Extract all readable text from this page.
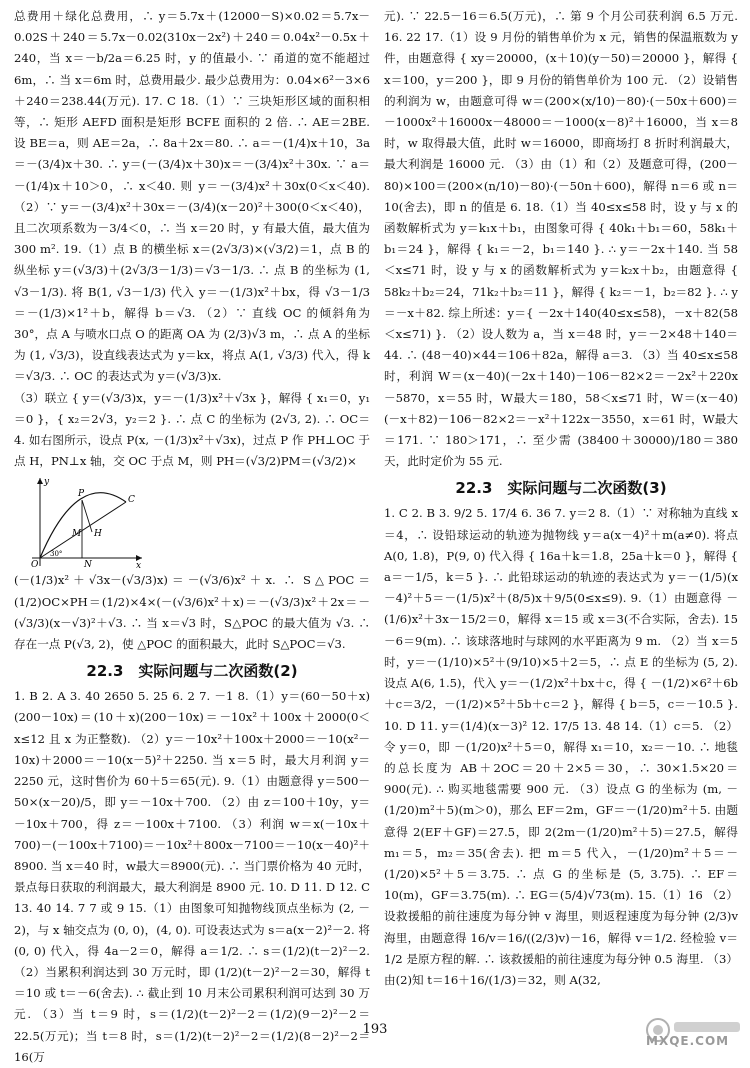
总费用＋绿化总费用，∴ y＝5.7x＋(12000－S)×0.02＝5.7x－0.02S＋240＝5.7x－0.02(310x－2x²)＋240＝0.04x²－0.5x＋240，当 x＝－b/2a＝6.25 时，y 的值最小. ∵ 甬道的宽不能超过 6m，∴ 当 x＝6m 时，总费用最少. 最少总费用为：0.04×6²－3×6＋240＝238.44(万元). 17. C 18.（1）∵ 三块矩形区域的面积相等，∴ 矩形 AEFD 面积是矩形 BCFE 面积的 2 倍. ∴ AE＝2BE. 设 BE＝a，则 AE＝2a，∴ 8a＋2x＝80. ∴ a＝－(1/4)x＋10，3a＝－(3/4)x＋30. ∴ y＝(－(3/4)x＋30)x＝－(3/4)x²＋30x. ∵ a＝－(1/4)x＋10＞0，∴ x＜40. 则 y＝－(3/4)x²＋30x(0＜x＜40). （2）∵ y＝－(3/4)x²＋30x＝－(3/4)(x－20)²＋300(0＜x＜40)，且二次项系数为－3/4＜0，∴ 当 x＝20 时，y 有最大值，最大值为 300 m². 19.（1）点 B 的横坐标 x＝(2√3/3)×(√3/2)＝1，点 B 的纵坐标 y＝(√3/3)＋(2√3/3－1/3)＝√3－1/3. ∴ 点 B 的坐标为 (1, √3－1/3). 将 B(1, √3－1/3) 代入 y＝－(1/3)x²＋bx，得 √3－1/3＝－(1/3)×1²＋b，解得 b＝√3. （2）∵ 直线 OC 的倾斜角为 30°，点 A 与喷水口点 O 的距离 OA 为 (2/3)√3 m，∴ 点 A 的坐标为 (1, √3/3)，设直线表达式为 y＝kx，将点 A(1, √3/3) 代入，得 k＝√3/3. ∴ OC 的表达式为 y＝(√3/3)x.

（3）联立 { y＝(√3/3)x，y＝－(1/3)x²＋√3x }，解得 { x₁＝0，y₁＝0 }，{ x₂＝2√3，y₂＝2 }. ∴ 点 C 的坐标为 (2√3, 2). ∴ OC＝4. 如右图所示，设点 P(x, －(1/3)x²＋√3x)，过点 P 作 PH⊥OC 于点 H，PN⊥x 轴，交 OC 于点 M，则 PH＝(√3/2)PM＝(√3/2)×

y
x
O
30°
P
C
H
M
N

(－(1/3)x²＋√3x－(√3/3)x)＝－(√3/6)x²＋x. ∴ S△POC＝(1/2)OC×PH＝(1/2)×4×(－(√3/6)x²＋x)＝－(√3/3)x²＋2x＝－(√3/3)(x－√3)²＋√3. ∴ 当 x＝√3 时，S△POC 的最大值为 √3. ∴ 存在一点 P(√3, 2)，使 △POC 的面积最大，此时 S△POC＝√3.

22.3　实际问题与二次函数(2)

1. B 2. A 3. 40 2650 5. 25 6. 2 7. －1 8.（1）y＝(60－50＋x)(200－10x)＝(10＋x)(200－10x)＝－10x²＋100x＋2000(0＜x≤12 且 x 为正整数). （2）y＝－10x²＋100x＋2000＝－10(x²－10x)＋2000＝－10(x－5)²＋2250. 当 x＝5 时，最大月利润 y＝2250 元，这时售价为 60＋5＝65(元). 9.（1）由题意得 y＝500－50×(x－20)/5，即 y＝－10x＋700. （2）由 z＝100＋10y，y＝－10x＋700，得 z＝－100x＋7100. （3）利润 w＝x(－10x＋700)－(－100x＋7100)＝－10x²＋800x－7100＝－10(x－40)²＋8900. 当 x＝40 时，w最大＝8900(元). ∴ 当门票价格为 40 元时，景点每日获取的利润最大，最大利润是 8900 元. 10. D 11. D 12. C 13. 40 14. 7 7 或 9 15.（1）由图象可知抛物线顶点坐标为 (2, －2)，与 x 轴交点为 (0, 0)，(4, 0). 可设表达式为 s＝a(x－2)²－2. 将 (0, 0) 代入，得 4a－2＝0，解得 a＝1/2. ∴ s＝(1/2)(t－2)²－2. （2）当累积利润达到 30 万元时，即 (1/2)(t－2)²－2＝30，解得 t＝10 或 t＝－6(舍去). ∴ 截止到 10 月末公司累积利润可达到 30 万元. （3）当 t＝9 时，s＝(1/2)(t－2)²－2＝(1/2)(9－2)²－2＝22.5(万元)；当 t＝8 时，s＝(1/2)(t－2)²－2＝(1/2)(8－2)²－2＝16(万

元). ∵ 22.5－16＝6.5(万元)，∴ 第 9 个月公司获利润 6.5 万元. 16. 22 17.（1）设 9 月份的销售单价为 x 元，销售的保温瓶数为 y 件，由题意得 { xy＝20000，(x＋10)(y－50)＝20000 }，解得 { x＝100，y＝200 }，即 9 月份的销售单价为 100 元. （2）设销售的利润为 w，由题意可得 w＝(200×(x/10)－80)·(－50x＋600)＝－1000x²＋16000x－48000＝－1000(x－8)²＋16000，当 x＝8 时，w 取得最大值，此时 w＝16000，即商场打 8 折时利润最大，最大利润是 16000 元. （3）由（1）和（2）及题意可得，(200－80)×100＝(200×(n/10)－80)·(－50n＋600)，解得 n＝6 或 n＝10(舍去)，即 n 的值是 6. 18.（1）当 40≤x≤58 时，设 y 与 x 的函数解析式为 y＝k₁x＋b₁，由图象可得 { 40k₁＋b₁＝60，58k₁＋b₁＝24 }，解得 { k₁＝－2，b₁＝140 }. ∴ y＝－2x＋140. 当 58＜x≤71 时，设 y 与 x 的函数解析式为 y＝k₂x＋b₂，由题意得 { 58k₂＋b₂＝24，71k₂＋b₂＝11 }，解得 { k₂＝－1，b₂＝82 }. ∴ y＝－x＋82. 综上所述：y＝{ －2x＋140(40≤x≤58)，－x＋82(58＜x≤71) }. （2）设人数为 a，当 x＝48 时，y＝－2×48＋140＝44. ∴ (48－40)×44＝106＋82a，解得 a＝3. （3）当 40≤x≤58 时，利润 W＝(x－40)(－2x＋140)－106－82×2＝－2x²＋220x－5870，x＝55 时，W最大＝180，58＜x≤71 时，W＝(x－40)(－x＋82)－106－82×2＝－x²＋122x－3550，x＝61 时，W最大＝171. ∵ 180＞171，∴ 至少需 (38400＋30000)/180＝380 天，此时定价为 55 元.

22.3　实际问题与二次函数(3)

1. C 2. B 3. 9/2 5. 17/4 6. 36 7. y＝2 8.（1）∵ 对称轴为直线 x＝4，∴ 设铅球运动的轨迹为抛物线 y＝a(x－4)²＋m(a≠0). 将点 A(0, 1.8)，P(9, 0) 代入得 { 16a＋k＝1.8，25a＋k＝0 }，解得 { a＝－1/5，k＝5 }. ∴ 此铅球运动的轨迹的表达式为 y＝－(1/5)(x－4)²＋5＝－(1/5)x²＋(8/5)x＋9/5(0≤x≤9). 9.（1）由题意得 －(1/6)x²＋3x－15/2＝0，解得 x＝15 或 x＝3(不合实际，舍去). 15－6＝9(m). ∴ 该球落地时与球网的水平距离为 9 m. （2）当 x＝5 时，y＝－(1/10)×5²＋(9/10)×5＋2＝5，∴ 点 E 的坐标为 (5, 2). 设点 A(6, 1.5)，代入 y＝－(1/2)x²＋bx＋c，得 { －(1/2)×6²＋6b＋c＝3/2，－(1/2)×5²＋5b＋c＝2 }，解得 { b＝5，c＝－10.5 }. 10. D 11. y＝(1/4)(x－3)² 12. 17/5 13. 48 14.（1）c＝5. （2）令 y＝0，即 －(1/20)x²＋5＝0，解得 x₁＝10，x₂＝－10. ∴ 地毯的总长度为 AB＋2OC＝20＋2×5＝30，∴ 30×1.5×20＝900(元). ∴ 购买地毯需要 900 元. （3）设点 G 的坐标为 (m, －(1/20)m²＋5)(m＞0)，那么 EF＝2m，GF＝－(1/20)m²＋5. 由题意得 2(EF＋GF)＝27.5，即 2(2m－(1/20)m²＋5)＝27.5，解得 m₁＝5，m₂＝35(舍去). 把 m＝5 代入，－(1/20)m²＋5＝－(1/20)×5²＋5＝3.75. ∴ 点 G 的坐标是 (5, 3.75). ∴ EF＝10(m)，GF＝3.75(m). ∴ EG＝(5/4)√73(m). 15.（1）16 （2）设救援船的前往速度为每分钟 v 海里，则返程速度为每分钟 (2/3)v 海里，由题意得 16/v＝16/((2/3)v)－16，解得 v＝1/2. 经检验 v＝1/2 是原方程的解. ∴ 该救援船的前往速度为每分钟 0.5 海里. （3）由(2)知 t＝16＋16/(1/3)＝32，则 A(32,

193
MXQE.COM
